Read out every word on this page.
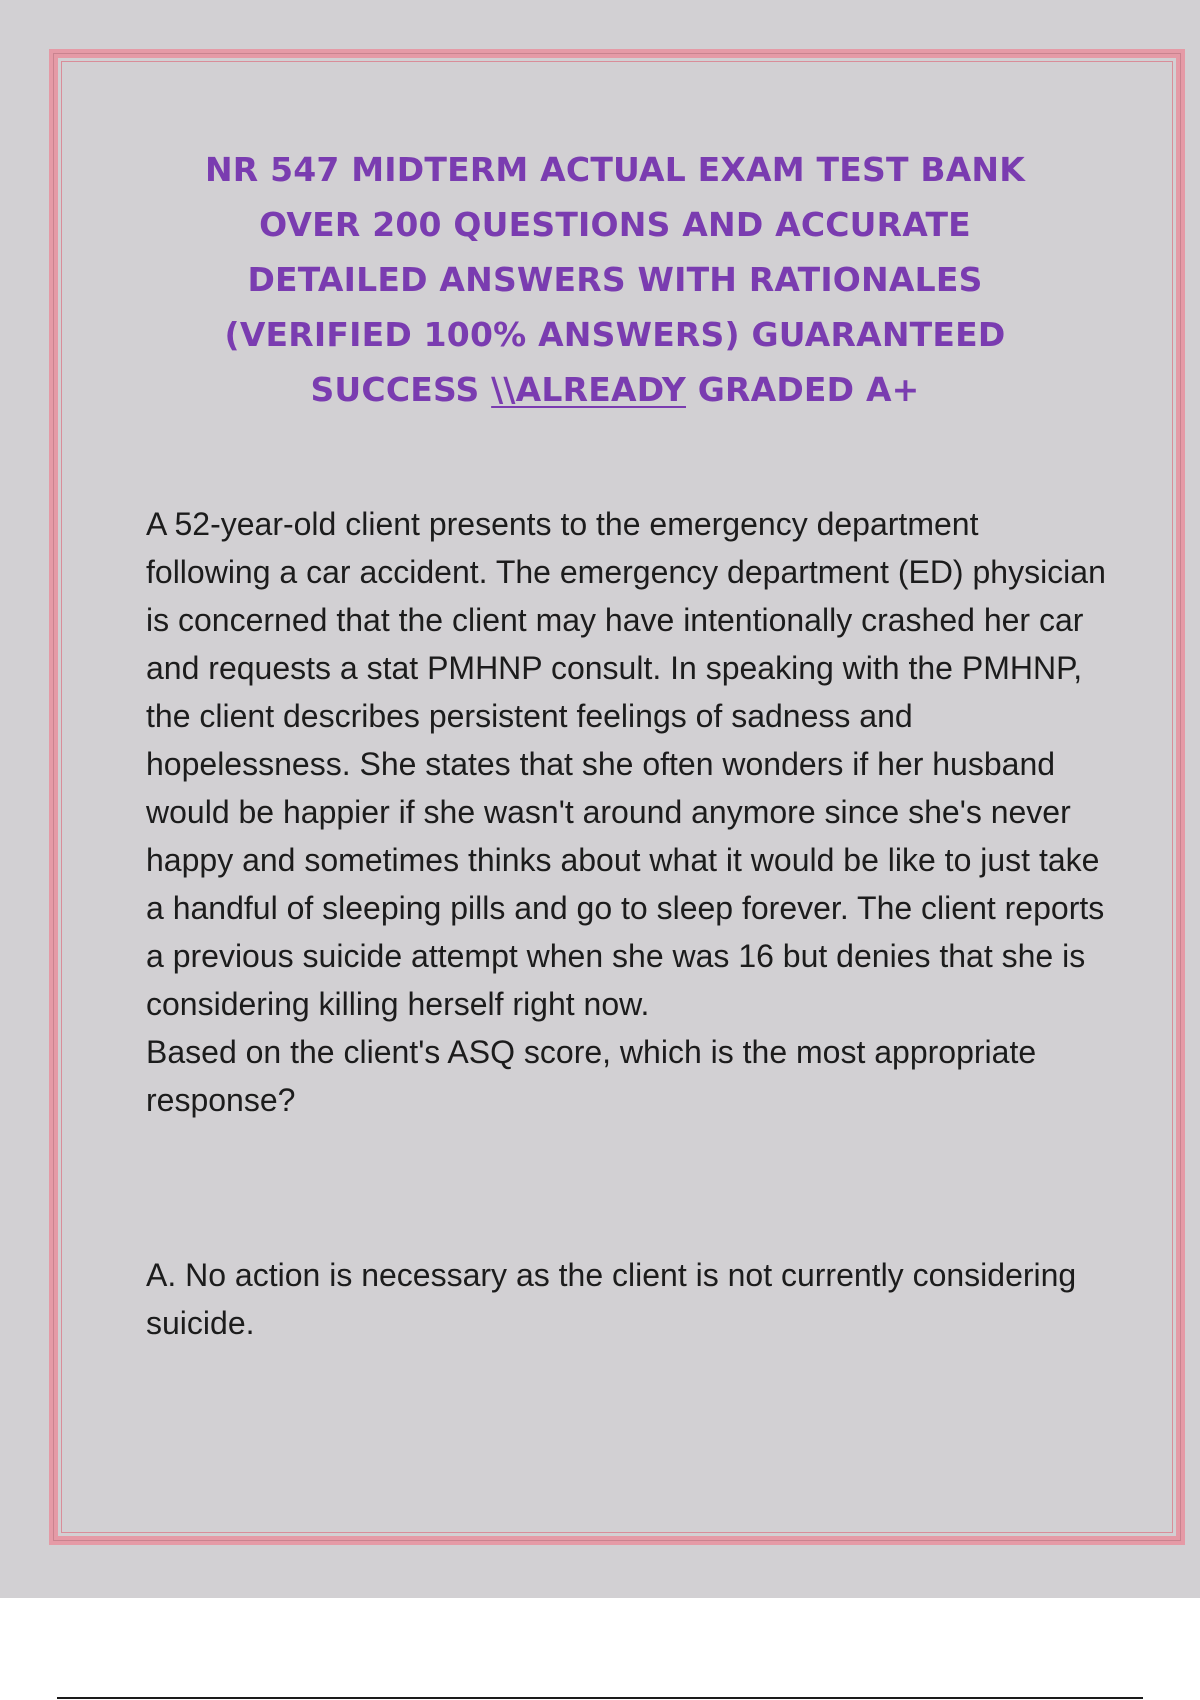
NR 547 MIDTERM ACTUAL EXAM TEST BANK
OVER 200 QUESTIONS AND ACCURATE
DETAILED ANSWERS WITH RATIONALES
(VERIFIED 100% ANSWERS) GUARANTEED
SUCCESS \\ALREADY GRADED A+

A 52-year-old client presents to the emergency department following a car accident. The emergency department (ED) physician is concerned that the client may have intentionally crashed her car and requests a stat PMHNP consult. In speaking with the PMHNP, the client describes persistent feelings of sadness and hopelessness. She states that she often wonders if her husband would be happier if she wasn't around anymore since she's never happy and sometimes thinks about what it would be like to just take a handful of sleeping pills and go to sleep forever. The client reports a previous suicide attempt when she was 16 but denies that she is considering killing herself right now.

Based on the client's ASQ score, which is the most appropriate response?

A. No action is necessary as the client is not currently considering suicide.
